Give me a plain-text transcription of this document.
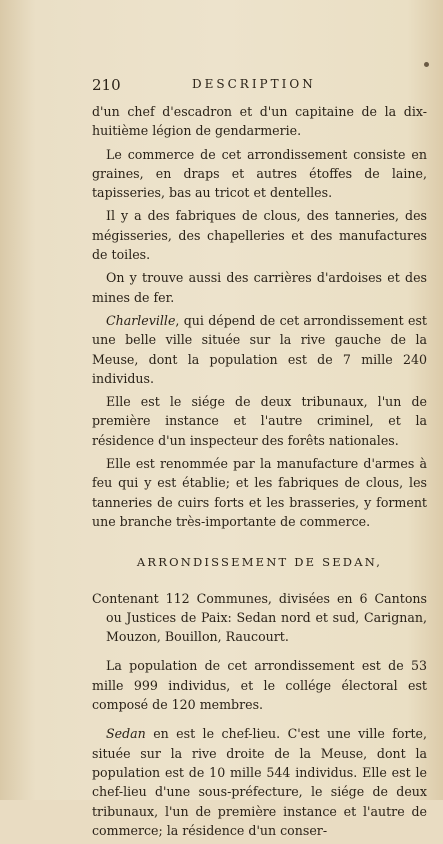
210	DESCRIPTION

d'un chef d'escadron et d'un capitaine de la dix-huitième légion de gendarmerie.

Le commerce de cet arrondissement consiste en graines, en draps et autres étoffes de laine, tapisseries, bas au tricot et dentelles.

Il y a des fabriques de clous, des tanneries, des mégisseries, des chapelleries et des manufactures de toiles.

On y trouve aussi des carrières d'ardoises et des mines de fer.

Charleville, qui dépend de cet arrondissement est une belle ville située sur la rive gauche de la Meuse, dont la population est de 7 mille 240 individus.

Elle est le siége de deux tribunaux, l'un de première instance et l'autre criminel, et la résidence d'un inspecteur des forêts nationales.

Elle est renommée par la manufacture d'armes à feu qui y est établie; et les fabriques de clous, les tanneries de cuirs forts et les brasseries, y forment une branche très-importante de commerce.

ARRONDISSEMENT DE SEDAN,

Contenant 112 Communes, divisées en 6 Cantons ou Justices de Paix: Sedan nord et sud, Carignan, Mouzon, Bouillon, Raucourt.

La population de cet arrondissement est de 53 mille 999 individus, et le collége électoral est composé de 120 membres.

Sedan en est le chef-lieu. C'est une ville forte, située sur la rive droite de la Meuse, dont la population est de 10 mille 544 individus. Elle est le chef-lieu d'une sous-préfecture, le siége de deux tribunaux, l'un de première instance et l'autre de commerce; la résidence d'un conser-
